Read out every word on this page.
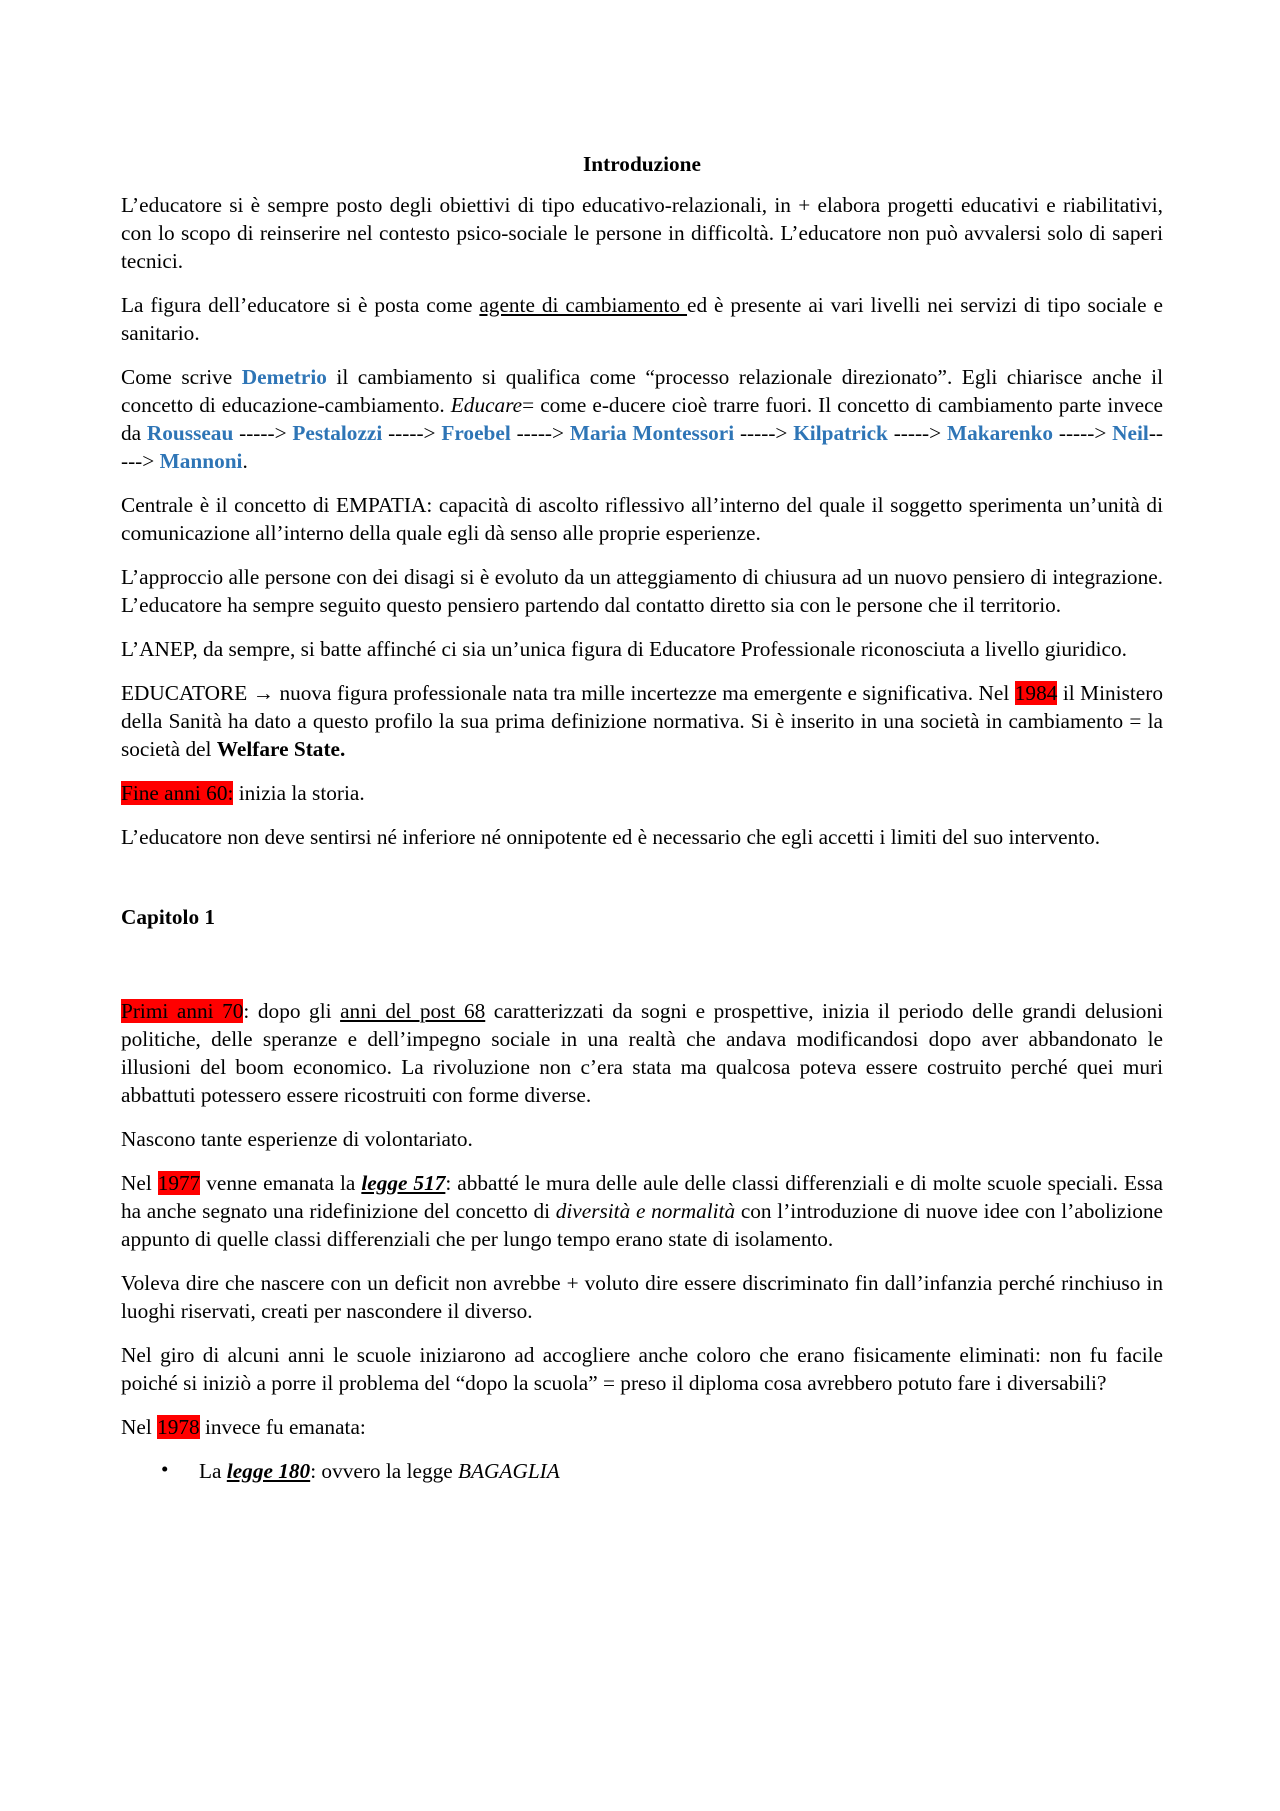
Introduzione

L’educatore si è sempre posto degli obiettivi di tipo educativo-relazionali, in + elabora progetti educativi e riabilitativi, con lo scopo di reinserire nel contesto psico-sociale le persone in difficoltà. L’educatore non può avvalersi solo di saperi tecnici.

La figura dell’educatore si è posta come agente di cambiamento ed è presente ai vari livelli nei servizi di tipo sociale e sanitario.

Come scrive Demetrio il cambiamento si qualifica come “processo relazionale direzionato”. Egli chiarisce anche il concetto di educazione-cambiamento. Educare= come e-ducere cioè trarre fuori. Il concetto di cambiamento parte invece da Rousseau -----> Pestalozzi -----> Froebel -----> Maria Montessori -----> Kilpatrick -----> Makarenko -----> Neil-----> Mannoni.

Centrale è il concetto di EMPATIA: capacità di ascolto riflessivo all’interno del quale il soggetto sperimenta un’unità di comunicazione all’interno della quale egli dà senso alle proprie esperienze.

L’approccio alle persone con dei disagi si è evoluto da un atteggiamento di chiusura ad un nuovo pensiero di integrazione. L’educatore ha sempre seguito questo pensiero partendo dal contatto diretto sia con le persone che il territorio.

L’ANEP, da sempre, si batte affinché ci sia un’unica figura di Educatore Professionale riconosciuta a livello giuridico.

EDUCATORE → nuova figura professionale nata tra mille incertezze ma emergente e significativa. Nel 1984 il Ministero della Sanità ha dato a questo profilo la sua prima definizione normativa. Si è inserito in una società in cambiamento = la società del Welfare State.

Fine anni 60: inizia la storia.

L’educatore non deve sentirsi né inferiore né onnipotente ed è necessario che egli accetti i limiti del suo intervento.

Capitolo 1

Primi anni 70: dopo gli anni del post 68 caratterizzati da sogni e prospettive, inizia il periodo delle grandi delusioni politiche, delle speranze e dell’impegno sociale in una realtà che andava modificandosi dopo aver abbandonato le illusioni del boom economico. La rivoluzione non c’era stata ma qualcosa poteva essere costruito perché quei muri abbattuti potessero essere ricostruiti con forme diverse.

Nascono tante esperienze di volontariato.

Nel 1977 venne emanata la legge 517: abbatté le mura delle aule delle classi differenziali e di molte scuole speciali. Essa ha anche segnato una ridefinizione del concetto di diversità e normalità con l’introduzione di nuove idee con l’abolizione appunto di quelle classi differenziali che per lungo tempo erano state di isolamento.

Voleva dire che nascere con un deficit non avrebbe + voluto dire essere discriminato fin dall’infanzia perché rinchiuso in luoghi riservati, creati per nascondere il diverso.

Nel giro di alcuni anni le scuole iniziarono ad accogliere anche coloro che erano fisicamente eliminati: non fu facile poiché si iniziò a porre il problema del “dopo la scuola” = preso il diploma cosa avrebbero potuto fare i diversabili?

Nel 1978 invece fu emanata:

• La legge 180: ovvero la legge BAGAGLIA
